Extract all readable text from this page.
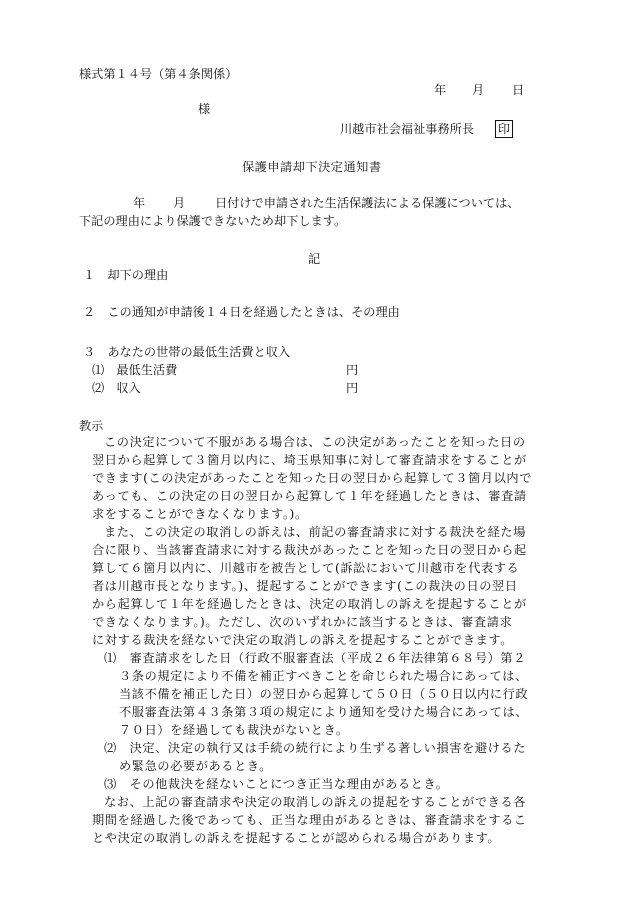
様式第１４号（第４条関係）
年 月 日
様
川越市社会福祉事務所長 印
保護申請却下決定通知書
年 月 日付けで申請された生活保護法による保護については、
下記の理由により保護できないため却下します。
記
１　却下の理由
２　この通知が申請後１４日を経過したときは、その理由
３　あなたの世帯の最低生活費と収入
⑴　最低生活費	円
⑵　収入	円
教示
この決定について不服がある場合は、この決定があったことを知った日の
翌日から起算して３箇月以内に、埼玉県知事に対して審査請求をすることが
できます(この決定があったことを知った日の翌日から起算して３箇月以内で
あっても、この決定の日の翌日から起算して１年を経過したときは、審査請
求をすることができなくなります。)。
また、この決定の取消しの訴えは、前記の審査請求に対する裁決を経た場
合に限り、当該審査請求に対する裁決があったことを知った日の翌日から起
算して６箇月以内に、川越市を被告として(訴訟において川越市を代表する
者は川越市長となります。)、提起することができます(この裁決の日の翌日
から起算して１年を経過したときは、決定の取消しの訴えを提起することが
できなくなります。)。ただし、次のいずれかに該当するときは、審査請求
に対する裁決を経ないで決定の取消しの訴えを提起することができます。
⑴　審査請求をした日（行政不服審査法（平成２６年法律第６８号）第２
３条の規定により不備を補正すべきことを命じられた場合にあっては、
当該不備を補正した日）の翌日から起算して５０日（５０日以内に行政
不服審査法第４３条第３項の規定により通知を受けた場合にあっては、
７０日）を経過しても裁決がないとき。
⑵　決定、決定の執行又は手続の続行により生ずる著しい損害を避けるた
め緊急の必要があるとき。
⑶　その他裁決を経ないことにつき正当な理由があるとき。
なお、上記の審査請求や決定の取消しの訴えの提起をすることができる各
期間を経過した後であっても、正当な理由があるときは、審査請求をするこ
とや決定の取消しの訴えを提起することが認められる場合があります。
